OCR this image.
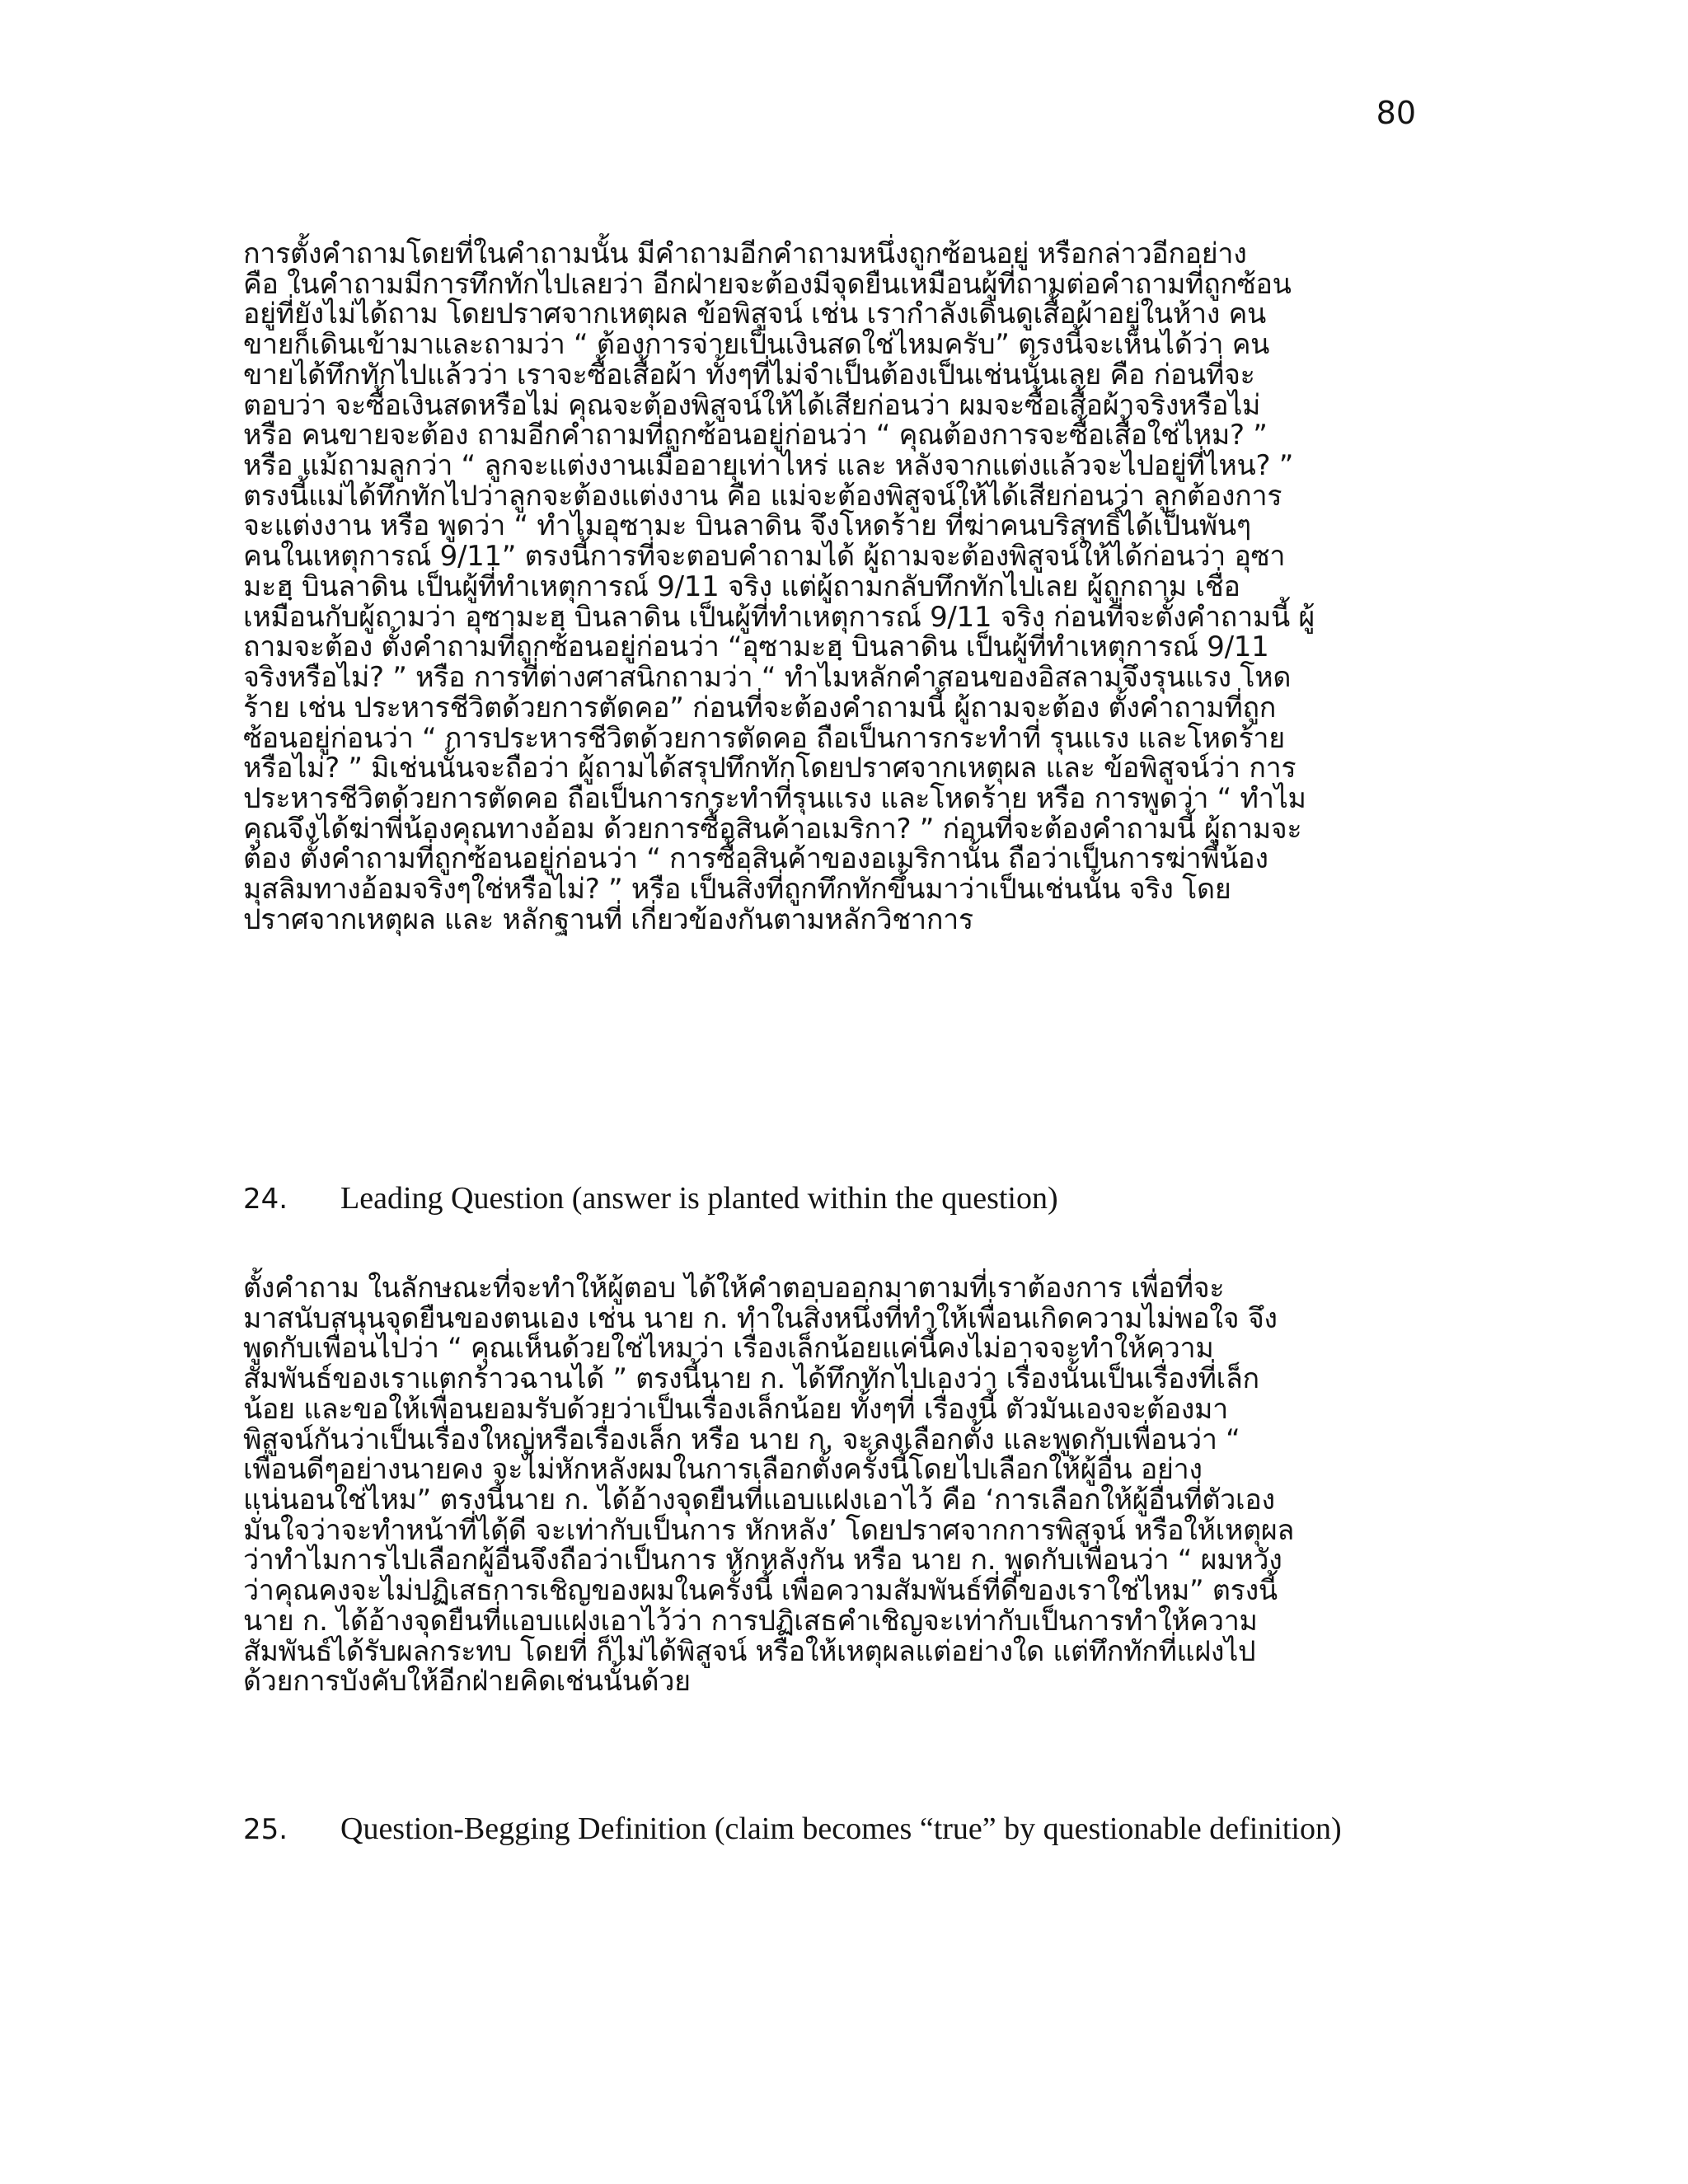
80
การตั้งคำถามโดยที่ในคำถามนั้น มีคำถามอีกคำถามหนึ่งถูกซ้อนอยู่ หรือกล่าวอีกอย่าง
คือ ในคำถามมีการทึกทักไปเลยว่า อีกฝ่ายจะต้องมีจุดยืนเหมือนผู้ที่ถามต่อคำถามที่ถูกซ้อน
อยู่ที่ยังไม่ได้ถาม โดยปราศจากเหตุผล ข้อพิสูจน์ เช่น เรากำลังเดินดูเสื้อผ้าอยู่ในห้าง คน
ขายก็เดินเข้ามาและถามว่า “ ต้องการจ่ายเป็นเงินสดใช่ไหมครับ” ตรงนี้จะเห็นได้ว่า คน
ขายได้ทึกทักไปแล้วว่า เราจะซื้อเสื้อผ้า ทั้งๆที่ไม่จำเป็นต้องเป็นเช่นนั้นเลย คือ ก่อนที่จะ
ตอบว่า จะซื้อเงินสดหรือไม่ คุณจะต้องพิสูจน์ให้ได้เสียก่อนว่า ผมจะซื้อเสื้อผ้าจริงหรือไม่
หรือ คนขายจะต้อง ถามอีกคำถามที่ถูกซ้อนอยู่ก่อนว่า “ คุณต้องการจะซื้อเสื้อใช่ไหม? ”
หรือ แม้ถามลูกว่า “ ลูกจะแต่งงานเมื่ออายุเท่าไหร่ และ หลังจากแต่งแล้วจะไปอยู่ที่ไหน? ”
ตรงนี้แม่ได้ทึกทักไปว่าลูกจะต้องแต่งงาน คือ แม่จะต้องพิสูจน์ให้ได้เสียก่อนว่า ลูกต้องการ
จะแต่งงาน หรือ พูดว่า “ ทำไมอุซามะ บินลาดิน จึงโหดร้าย ที่ฆ่าคนบริสุทธิ์ได้เป็นพันๆ
คนในเหตุการณ์ 9/11” ตรงนี้การที่จะตอบคำถามได้ ผู้ถามจะต้องพิสูจน์ให้ได้ก่อนว่า อุซา
มะฮฺ บินลาดิน เป็นผู้ที่ทำเหตุการณ์ 9/11 จริง แต่ผู้ถามกลับทึกทักไปเลย ผู้ถูกถาม เชื่อ
เหมือนกับผู้ถามว่า อุซามะฮฺ บินลาดิน เป็นผู้ที่ทำเหตุการณ์ 9/11 จริง ก่อนที่จะตั้งคำถามนี้ ผู้
ถามจะต้อง ตั้งคำถามที่ถูกซ้อนอยู่ก่อนว่า “อุซามะฮฺ บินลาดิน เป็นผู้ที่ทำเหตุการณ์ 9/11
จริงหรือไม่? ” หรือ การที่ต่างศาสนิกถามว่า “ ทำไมหลักคำสอนของอิสลามจึงรุนแรง โหด
ร้าย เช่น ประหารชีวิตด้วยการตัดคอ” ก่อนที่จะต้องคำถามนี้ ผู้ถามจะต้อง ตั้งคำถามที่ถูก
ซ้อนอยู่ก่อนว่า “ การประหารชีวิตด้วยการตัดคอ ถือเป็นการกระทำที่ รุนแรง และโหดร้าย
หรือไม่? ” มิเช่นนั้นจะถือว่า ผู้ถามได้สรุปทึกทักโดยปราศจากเหตุผล และ ข้อพิสูจน์ว่า การ
ประหารชีวิตด้วยการตัดคอ ถือเป็นการกระทำที่รุนแรง และโหดร้าย หรือ การพูดว่า “ ทำไม
คุณจึงได้ฆ่าพี่น้องคุณทางอ้อม ด้วยการซื้อสินค้าอเมริกา? ” ก่อนที่จะต้องคำถามนี้ ผู้ถามจะ
ต้อง ตั้งคำถามที่ถูกซ้อนอยู่ก่อนว่า “ การซื้อสินค้าของอเมริกานั้น ถือว่าเป็นการฆ่าพี่น้อง
มุสลิมทางอ้อมจริงๆใช่หรือไม่? ” หรือ เป็นสิ่งที่ถูกทึกทักขึ้นมาว่าเป็นเช่นนั้น จริง โดย
ปราศจากเหตุผล และ หลักฐานที่ เกี่ยวข้องกันตามหลักวิชาการ
24. Leading Question (answer is planted within the question)
ตั้งคำถาม ในลักษณะที่จะทำให้ผู้ตอบ ได้ให้คำตอบออกมาตามที่เราต้องการ เพื่อที่จะ
มาสนับสนุนจุดยืนของตนเอง เช่น นาย ก. ทำในสิ่งหนึ่งที่ทำให้เพื่อนเกิดความไม่พอใจ จึง
พูดกับเพื่อนไปว่า “ คุณเห็นด้วยใช่ไหมว่า เรื่องเล็กน้อยแค่นี้คงไม่อาจจะทำให้ความ
สัมพันธ์ของเราแตกร้าวฉานได้ ” ตรงนี้นาย ก. ได้ทึกทักไปเองว่า เรื่องนั้นเป็นเรื่องที่เล็ก
น้อย และขอให้เพื่อนยอมรับด้วยว่าเป็นเรื่องเล็กน้อย ทั้งๆที่ เรื่องนี้ ตัวมันเองจะต้องมา
พิสูจน์กันว่าเป็นเรื่องใหญ่หรือเรื่องเล็ก หรือ นาย ก. จะลงเลือกตั้ง และพูดกับเพื่อนว่า “
เพื่อนดีๆอย่างนายคง จะไม่หักหลังผมในการเลือกตั้งครั้งนี้โดยไปเลือกให้ผู้อื่น อย่าง
แน่นอนใช่ไหม” ตรงนี้นาย ก. ได้อ้างจุดยืนที่แอบแฝงเอาไว้ คือ ‘การเลือกให้ผู้อื่นที่ตัวเอง
มั่นใจว่าจะทำหน้าที่ได้ดี จะเท่ากับเป็นการ หักหลัง’ โดยปราศจากการพิสูจน์ หรือให้เหตุผล
ว่าทำไมการไปเลือกผู้อื่นจึงถือว่าเป็นการ หักหลังกัน หรือ นาย ก. พูดกับเพื่อนว่า “ ผมหวัง
ว่าคุณคงจะไม่ปฏิเสธการเชิญของผมในครั้งนี้ เพื่อความสัมพันธ์ที่ดีของเราใช่ไหม” ตรงนี้
นาย ก. ได้อ้างจุดยืนที่แอบแฝงเอาไว้ว่า การปฏิเสธคำเชิญจะเท่ากับเป็นการทำให้ความ
สัมพันธ์ได้รับผลกระทบ โดยที่ ก็ไม่ได้พิสูจน์ หรือให้เหตุผลแต่อย่างใด แต่ทึกทักที่แฝงไป
ด้วยการบังคับให้อีกฝ่ายคิดเช่นนั้นด้วย
25. Question-Begging Definition (claim becomes “true” by questionable definition)
